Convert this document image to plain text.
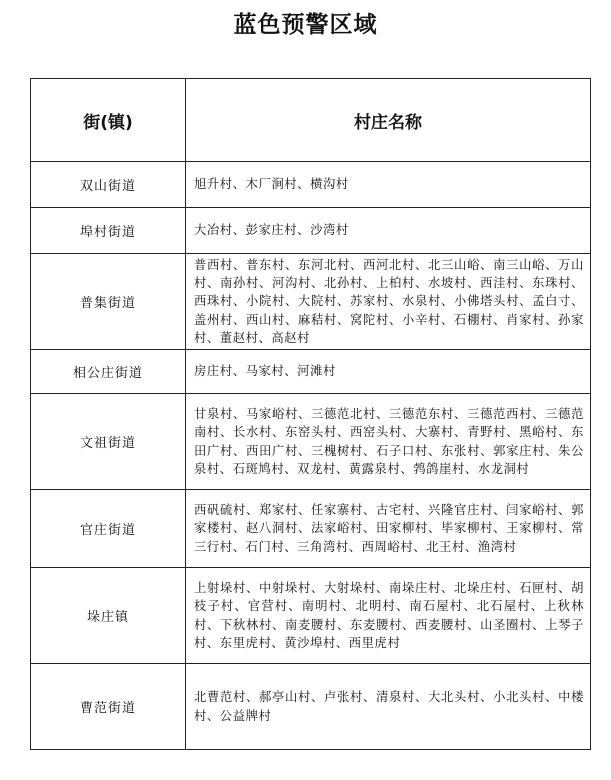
蓝色预警区域
街(镇)	村庄名称
双山街道	旭升村、木厂涧村、横沟村
埠村街道	大冶村、彭家庄村、沙湾村
普集街道	普西村、普东村、东河北村、西河北村、北三山峪、南三山峪、万山村、南孙村、河沟村、北孙村、上柏村、水坡村、西洼村、东珠村、西珠村、小院村、大院村、苏家村、水泉村、小佛塔头村、孟白寸、盖州村、西山村、麻秸村、窝陀村、小辛村、石棚村、肖家村、孙家村、董赵村、高赵村
相公庄街道	房庄村、马家村、河滩村
文祖街道	甘泉村、马家峪村、三德范北村、三德范东村、三德范西村、三德范南村、长水村、东窑头村、西窑头村、大寨村、青野村、黑峪村、东田广村、西田广村、三槐树村、石子口村、东张村、郭家庄村、朱公泉村、石斑鸠村、双龙村、黄露泉村、鹁鸽崖村、水龙洞村
官庄街道	西矾硫村、郑家村、任家寨村、古宅村、兴隆官庄村、闫家峪村、郭家楼村、赵八洞村、法家峪村、田家柳村、毕家柳村、王家柳村、常三行村、石门村、三角湾村、西周峪村、北王村、渔湾村
垛庄镇	上射垛村、中射垛村、大射垛村、南垛庄村、北垛庄村、石匣村、胡枝子村、官营村、南明村、北明村、南石屋村、北石屋村、上秋林村、下秋林村、南麦腰村、东麦腰村、西麦腰村、山圣圈村、上琴子村、东里虎村、黄沙埠村、西里虎村
曹范街道	北曹范村、郝亭山村、卢张村、清泉村、大北头村、小北头村、中楼村、公益牌村
